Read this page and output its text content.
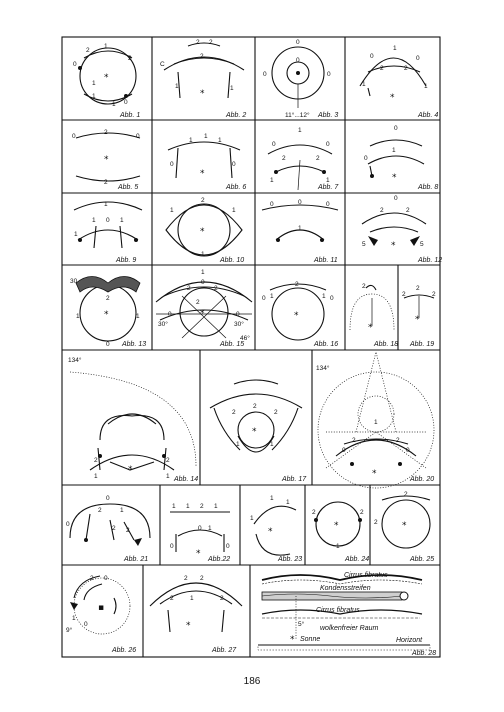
*
0
2
1
2
1
1 0
1
Abb. 1
*
2 2
C
2
1	1
Abb. 2
0
0	0
0
11°...12° Abb. 3
*
1
0	0
2	2
1	1
Abb. 4
*
2
2
0	0
Abb. 5
*
1
1
1
0	0
Abb. 6
1
0	0
2	2
1	1
Abb. 7
*
0
1
0
Abb. 8
1
1 0 1
1
Abb. 9
*
2
1	1
1
Abb. 10
0	0	0
1
Abb. 11
*
0
2	2
5	5
Abb. 12
*
30
2
1	1
0 Abb. 13
*
1
0
2	2
2
0	0
30°	30°
46°
Abb. 15
*
2
1	1
0	0
Abb. 16
*
2
Abb. 18
*
2
2
2
Abb. 19
*
134°
2	2
1	1 Abb. 14
*
2
2	2
1	1
Abb. 17
*
134°
2	2
0	0
1
Abb. 20
0
2	1
2 2
0
Abb. 21
*
1 1 2 1
0 1
0	0
Abb.22
*
1
1
1
Abb. 23
*
2	2
1
Abb. 24
*
2
2
Abb. 25
▪
2 0
1
0
9°
Abb. 26
*
2 2
1
2	2
Abb. 27
*
Cirrus fibratus
Kondensstreifen
Cirrus fibratus
5°
wolkenfreier Raum
Sonne	Horizont
Abb. 28
186
